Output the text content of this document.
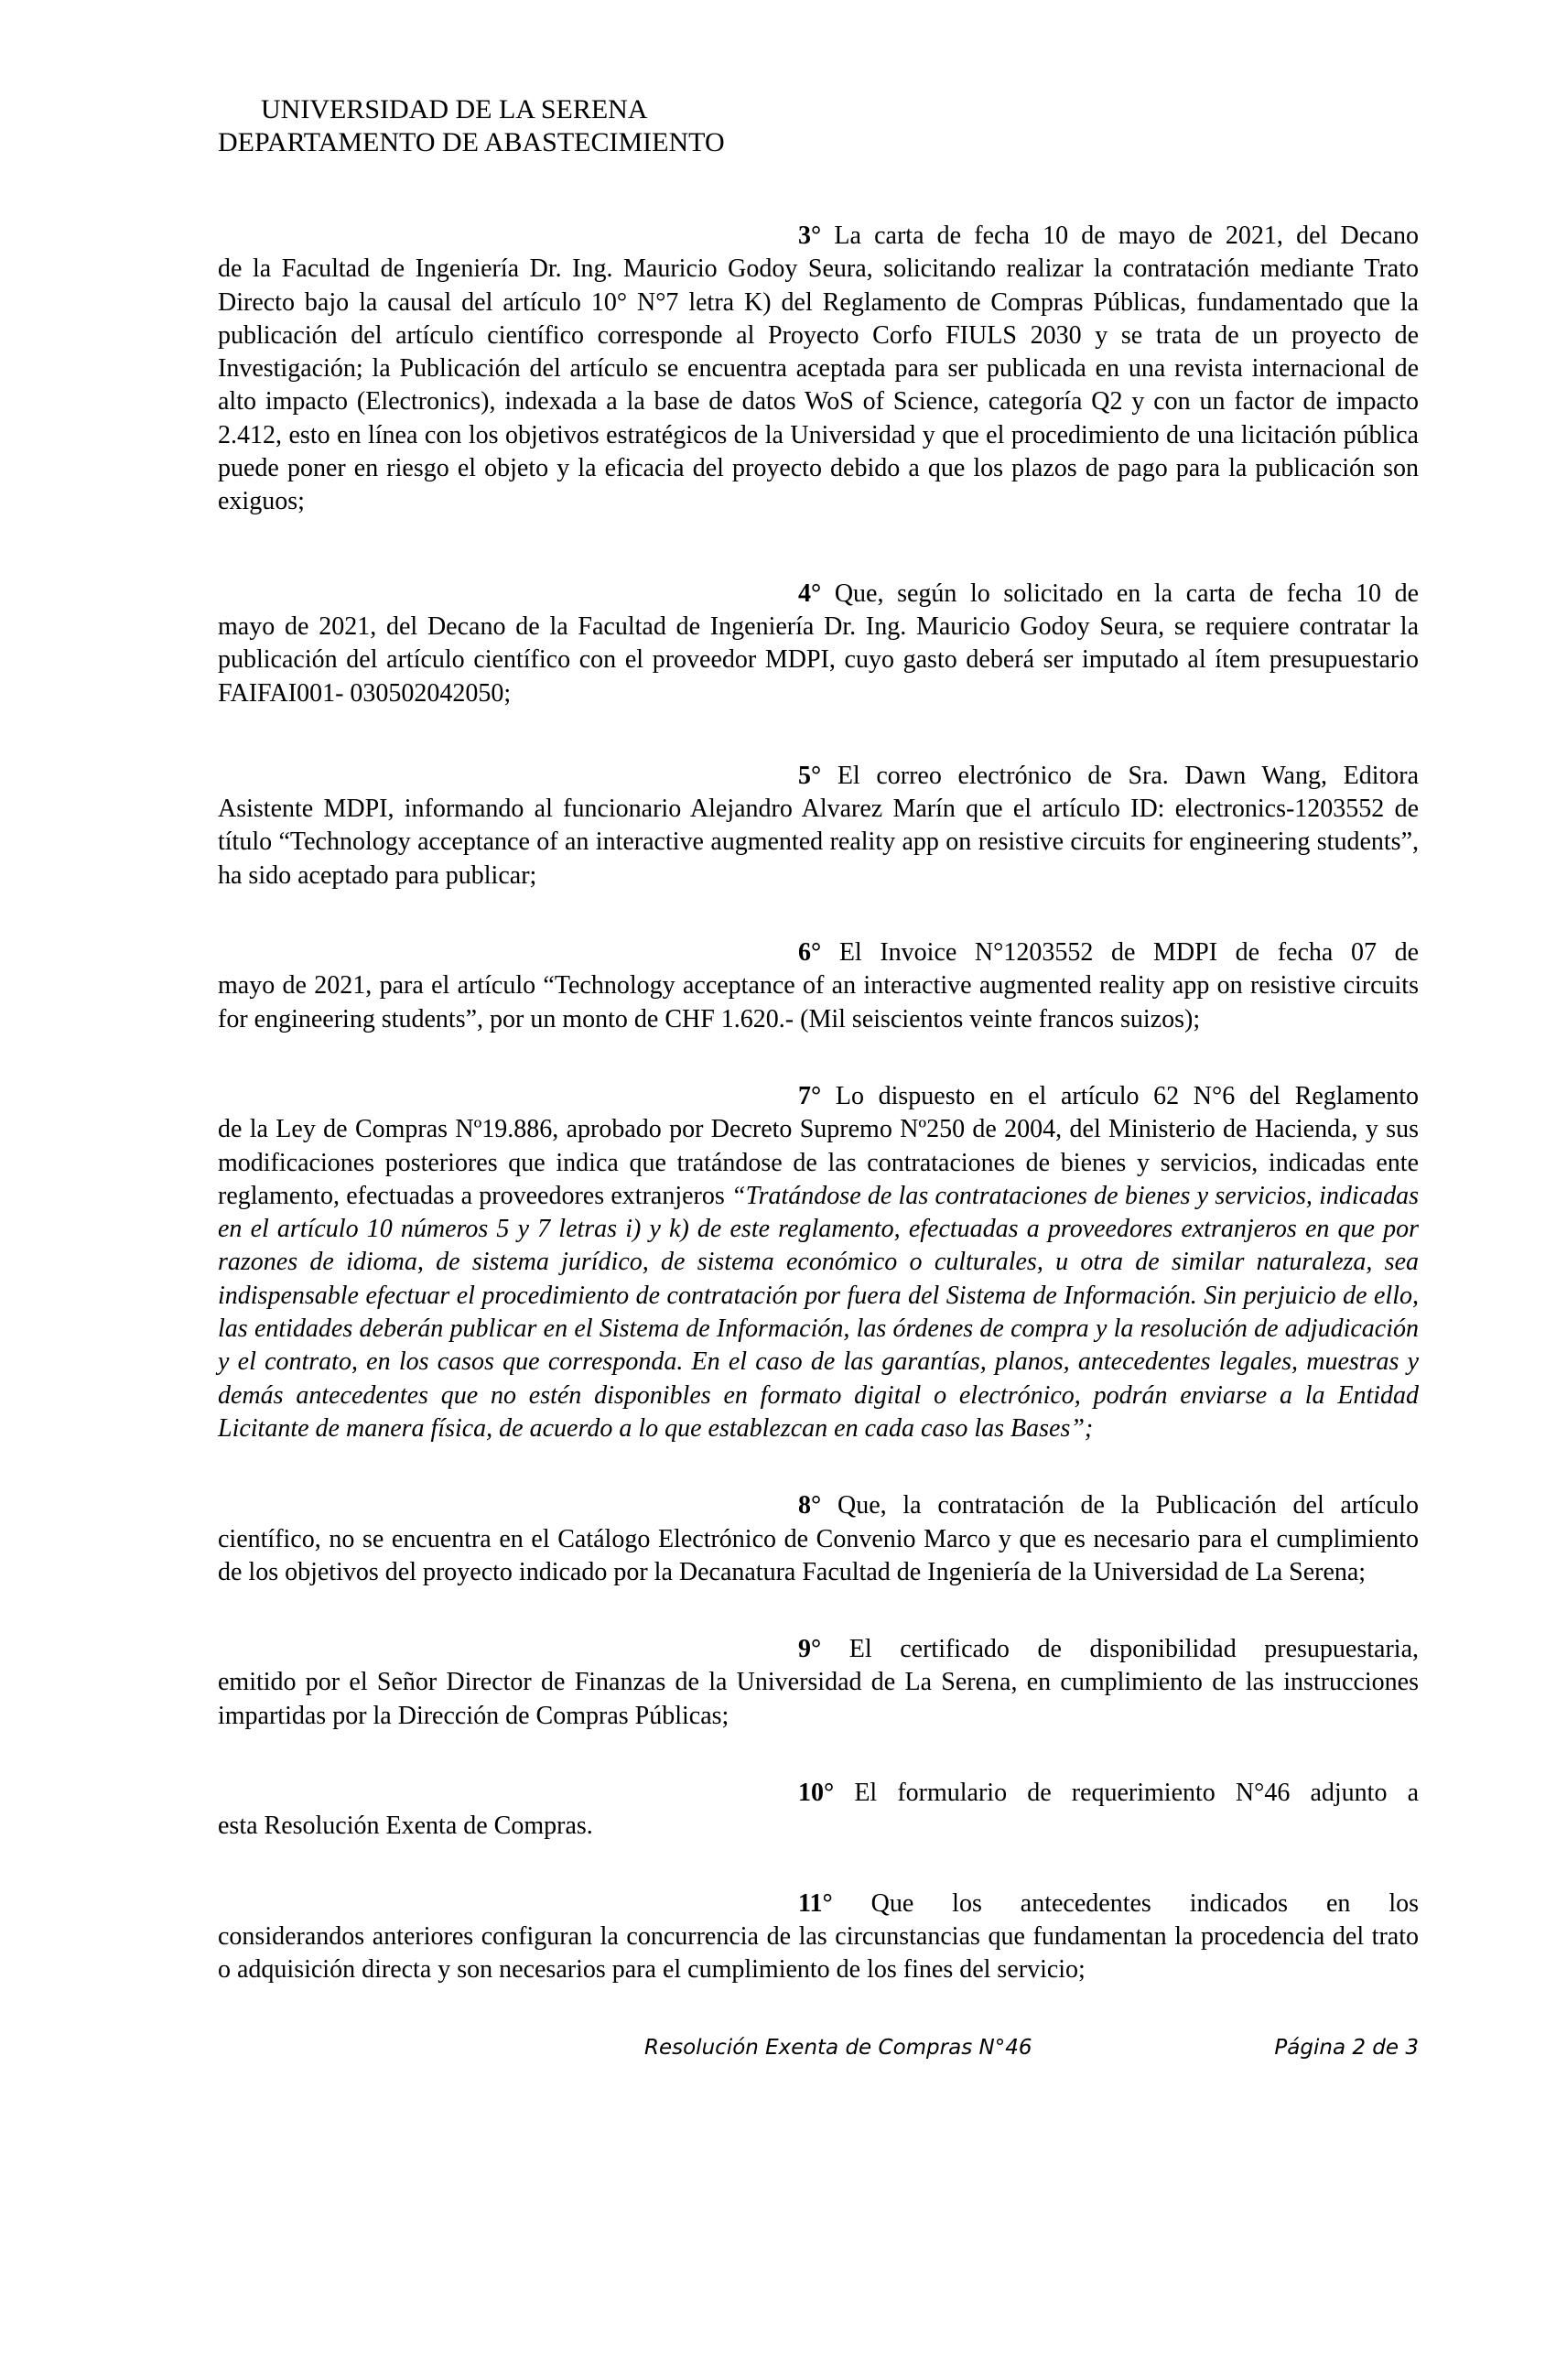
UNIVERSIDAD DE LA SERENA
DEPARTAMENTO DE ABASTECIMIENTO

3° La carta de fecha 10 de mayo de 2021, del Decano
de la Facultad de Ingeniería Dr. Ing. Mauricio Godoy Seura, solicitando realizar la contratación mediante Trato Directo bajo la causal del artículo 10° N°7 letra K) del Reglamento de Compras Públicas, fundamentado que la publicación del artículo científico corresponde al Proyecto Corfo FIULS 2030 y se trata de un proyecto de Investigación; la Publicación del artículo se encuentra aceptada para ser publicada en una revista internacional de alto impacto (Electronics), indexada a la base de datos WoS of Science, categoría Q2 y con un factor de impacto 2.412, esto en línea con los objetivos estratégicos de la Universidad y que el procedimiento de una licitación pública puede poner en riesgo el objeto y la eficacia del proyecto debido a que los plazos de pago para la publicación son exiguos;

4° Que, según lo solicitado en la carta de fecha 10 de
mayo de 2021, del Decano de la Facultad de Ingeniería Dr. Ing. Mauricio Godoy Seura, se requiere contratar la publicación del artículo científico con el proveedor MDPI, cuyo gasto deberá ser imputado al ítem presupuestario FAIFAI001- 030502042050;

5° El correo electrónico de Sra. Dawn Wang, Editora
Asistente MDPI, informando al funcionario Alejandro Alvarez Marín que el artículo ID: electronics-1203552 de título “Technology acceptance of an interactive augmented reality app on resistive circuits for engineering students”, ha sido aceptado para publicar;

6° El Invoice N°1203552 de MDPI de fecha 07 de
mayo de 2021, para el artículo “Technology acceptance of an interactive augmented reality app on resistive circuits for engineering students”, por un monto de CHF 1.620.- (Mil seiscientos veinte francos suizos);

7° Lo dispuesto en el artículo 62 N°6 del Reglamento
de la Ley de Compras Nº19.886, aprobado por Decreto Supremo Nº250 de 2004, del Ministerio de Hacienda, y sus modificaciones posteriores que indica que tratándose de las contrataciones de bienes y servicios, indicadas ente reglamento, efectuadas a proveedores extranjeros “Tratándose de las contrataciones de bienes y servicios, indicadas en el artículo 10 números 5 y 7 letras i) y k) de este reglamento, efectuadas a proveedores extranjeros en que por razones de idioma, de sistema jurídico, de sistema económico o culturales, u otra de similar naturaleza, sea indispensable efectuar el procedimiento de contratación por fuera del Sistema de Información. Sin perjuicio de ello, las entidades deberán publicar en el Sistema de Información, las órdenes de compra y la resolución de adjudicación y el contrato, en los casos que corresponda. En el caso de las garantías, planos, antecedentes legales, muestras y demás antecedentes que no estén disponibles en formato digital o electrónico, podrán enviarse a la Entidad Licitante de manera física, de acuerdo a lo que establezcan en cada caso las Bases”;

8° Que, la contratación de la Publicación del artículo
científico, no se encuentra en el Catálogo Electrónico de Convenio Marco y que es necesario para el cumplimiento de los objetivos del proyecto indicado por la Decanatura Facultad de Ingeniería de la Universidad de La Serena;

9° El certificado de disponibilidad presupuestaria,
emitido por el Señor Director de Finanzas de la Universidad de La Serena, en cumplimiento de las instrucciones impartidas por la Dirección de Compras Públicas;

10° El formulario de requerimiento N°46 adjunto a
esta Resolución Exenta de Compras.

11° Que los antecedentes indicados en los
considerandos anteriores configuran la concurrencia de las circunstancias que fundamentan la procedencia del trato o adquisición directa y son necesarios para el cumplimiento de los fines del servicio;

Resolución Exenta de Compras N°46	Página 2 de 3
